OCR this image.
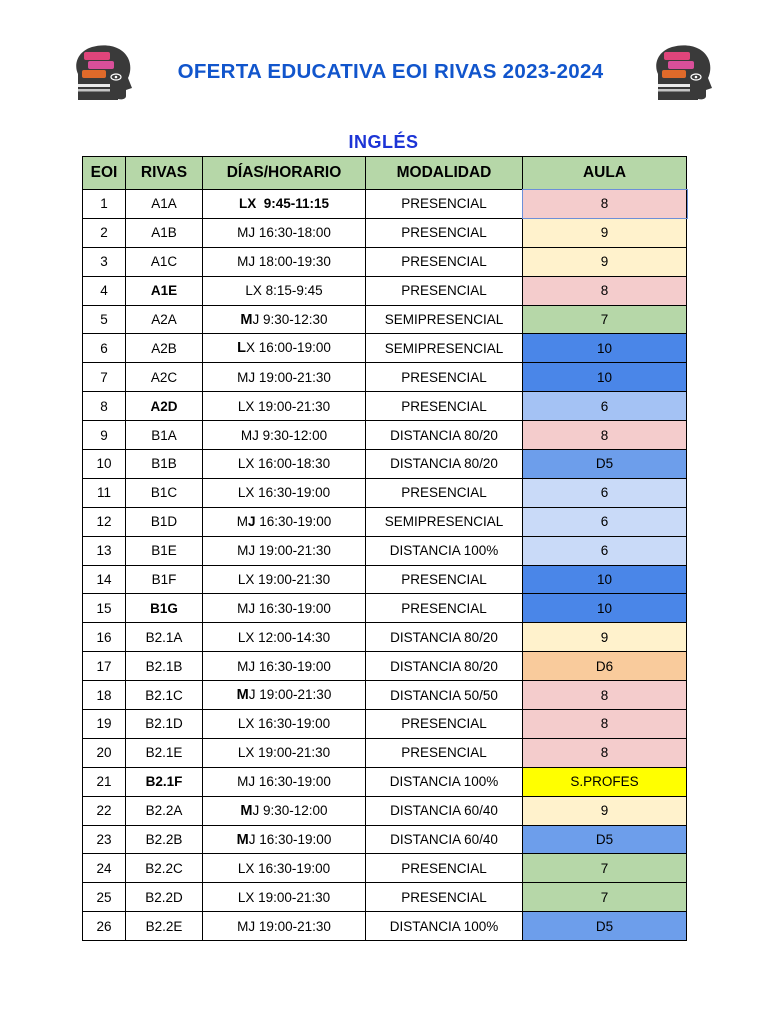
OFERTA EDUCATIVA EOI RIVAS 2023-2024
INGLÉS
EOI	RIVAS	DÍAS/HORARIO	MODALIDAD	AULA
1	A1A	LX  9:45-11:15	PRESENCIAL	8
2	A1B	MJ 16:30-18:00	PRESENCIAL	9
3	A1C	MJ 18:00-19:30	PRESENCIAL	9
4	A1E	LX 8:15-9:45	PRESENCIAL	8
5	A2A	MJ 9:30-12:30	SEMIPRESENCIAL	7
6	A2B	LX 16:00-19:00	SEMIPRESENCIAL	10
7	A2C	MJ 19:00-21:30	PRESENCIAL	10
8	A2D	LX 19:00-21:30	PRESENCIAL	6
9	B1A	MJ 9:30-12:00	DISTANCIA 80/20	8
10	B1B	LX 16:00-18:30	DISTANCIA 80/20	D5
11	B1C	LX 16:30-19:00	PRESENCIAL	6
12	B1D	MJ 16:30-19:00	SEMIPRESENCIAL	6
13	B1E	MJ 19:00-21:30	DISTANCIA 100%	6
14	B1F	LX 19:00-21:30	PRESENCIAL	10
15	B1G	MJ 16:30-19:00	PRESENCIAL	10
16	B2.1A	LX 12:00-14:30	DISTANCIA 80/20	9
17	B2.1B	MJ 16:30-19:00	DISTANCIA 80/20	D6
18	B2.1C	MJ 19:00-21:30	DISTANCIA 50/50	8
19	B2.1D	LX 16:30-19:00	PRESENCIAL	8
20	B2.1E	LX 19:00-21:30	PRESENCIAL	8
21	B2.1F	MJ 16:30-19:00	DISTANCIA 100%	S.PROFES
22	B2.2A	MJ 9:30-12:00	DISTANCIA 60/40	9
23	B2.2B	MJ 16:30-19:00	DISTANCIA 60/40	D5
24	B2.2C	LX 16:30-19:00	PRESENCIAL	7
25	B2.2D	LX 19:00-21:30	PRESENCIAL	7
26	B2.2E	MJ 19:00-21:30	DISTANCIA 100%	D5
